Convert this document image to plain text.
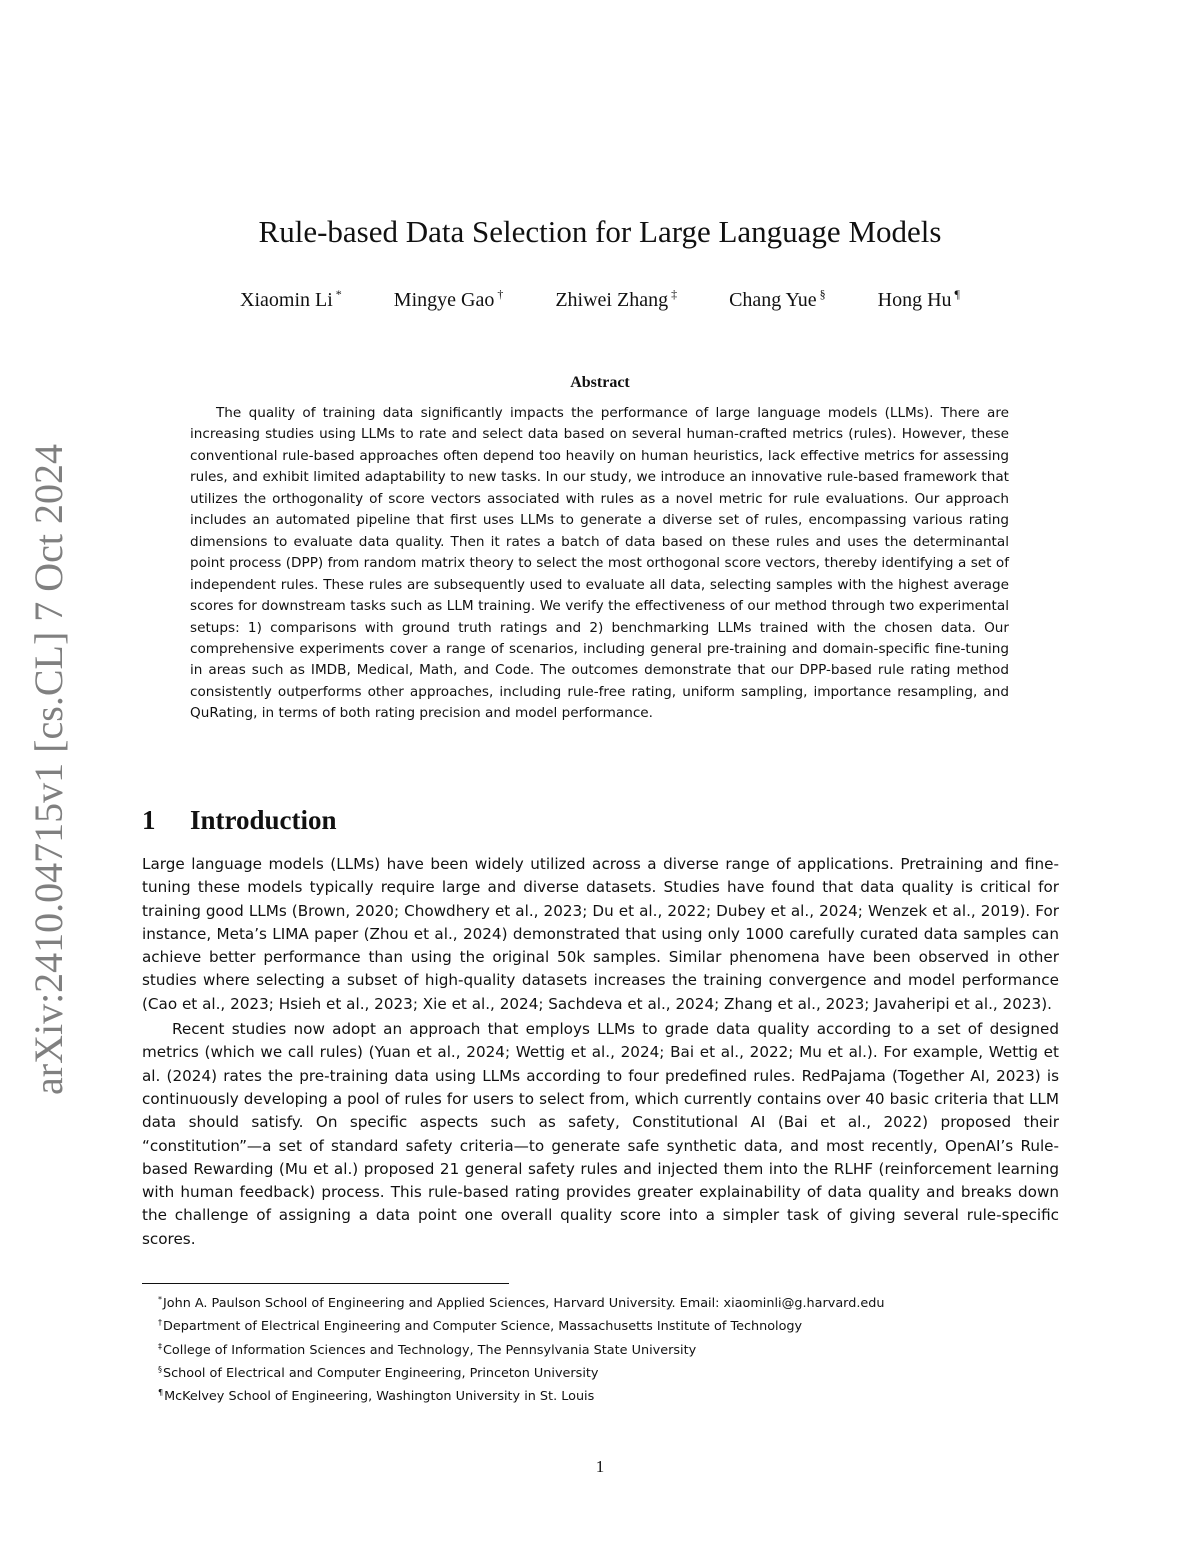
arXiv:2410.04715v1 [cs.CL] 7 Oct 2024
Rule-based Data Selection for Large Language Models
Xiaomin Li *	Mingye Gao †	Zhiwei Zhang ‡	Chang Yue §	Hong Hu ¶
Abstract

The quality of training data significantly impacts the performance of large language models (LLMs). There are increasing studies using LLMs to rate and select data based on several human-crafted metrics (rules). However, these conventional rule-based approaches often depend too heavily on human heuristics, lack effective metrics for assessing rules, and exhibit limited adaptability to new tasks. In our study, we introduce an innovative rule-based framework that utilizes the orthogonality of score vectors associated with rules as a novel metric for rule evaluations. Our approach includes an automated pipeline that first uses LLMs to generate a diverse set of rules, encompassing various rating dimensions to evaluate data quality. Then it rates a batch of data based on these rules and uses the determinantal point process (DPP) from random matrix theory to select the most orthogonal score vectors, thereby identifying a set of independent rules. These rules are subsequently used to evaluate all data, selecting samples with the highest average scores for downstream tasks such as LLM training. We verify the effectiveness of our method through two experimental setups: 1) comparisons with ground truth ratings and 2) benchmarking LLMs trained with the chosen data. Our comprehensive experiments cover a range of scenarios, including general pre-training and domain-specific fine-tuning in areas such as IMDB, Medical, Math, and Code. The outcomes demonstrate that our DPP-based rule rating method consistently outperforms other approaches, including rule-free rating, uniform sampling, importance resampling, and QuRating, in terms of both rating precision and model performance.

1 Introduction

Large language models (LLMs) have been widely utilized across a diverse range of applications. Pretraining and fine-tuning these models typically require large and diverse datasets. Studies have found that data quality is critical for training good LLMs (Brown, 2020; Chowdhery et al., 2023; Du et al., 2022; Dubey et al., 2024; Wenzek et al., 2019). For instance, Meta’s LIMA paper (Zhou et al., 2024) demonstrated that using only 1000 carefully curated data samples can achieve better performance than using the original 50k samples. Similar phenomena have been observed in other studies where selecting a subset of high-quality datasets increases the training convergence and model performance (Cao et al., 2023; Hsieh et al., 2023; Xie et al., 2024; Sachdeva et al., 2024; Zhang et al., 2023; Javaheripi et al., 2023).

Recent studies now adopt an approach that employs LLMs to grade data quality according to a set of designed metrics (which we call rules) (Yuan et al., 2024; Wettig et al., 2024; Bai et al., 2022; Mu et al.). For example, Wettig et al. (2024) rates the pre-training data using LLMs according to four predefined rules. RedPajama (Together AI, 2023) is continuously developing a pool of rules for users to select from, which currently contains over 40 basic criteria that LLM data should satisfy. On specific aspects such as safety, Constitutional AI (Bai et al., 2022) proposed their “constitution”—a set of standard safety criteria—to generate safe synthetic data, and most recently, OpenAI’s Rule-based Rewarding (Mu et al.) proposed 21 general safety rules and injected them into the RLHF (reinforcement learning with human feedback) process. This rule-based rating provides greater explainability of data quality and breaks down the challenge of assigning a data point one overall quality score into a simpler task of giving several rule-specific scores.

*John A. Paulson School of Engineering and Applied Sciences, Harvard University. Email: xiaominli@g.harvard.edu
†Department of Electrical Engineering and Computer Science, Massachusetts Institute of Technology
‡College of Information Sciences and Technology, The Pennsylvania State University
§School of Electrical and Computer Engineering, Princeton University
¶McKelvey School of Engineering, Washington University in St. Louis
1
